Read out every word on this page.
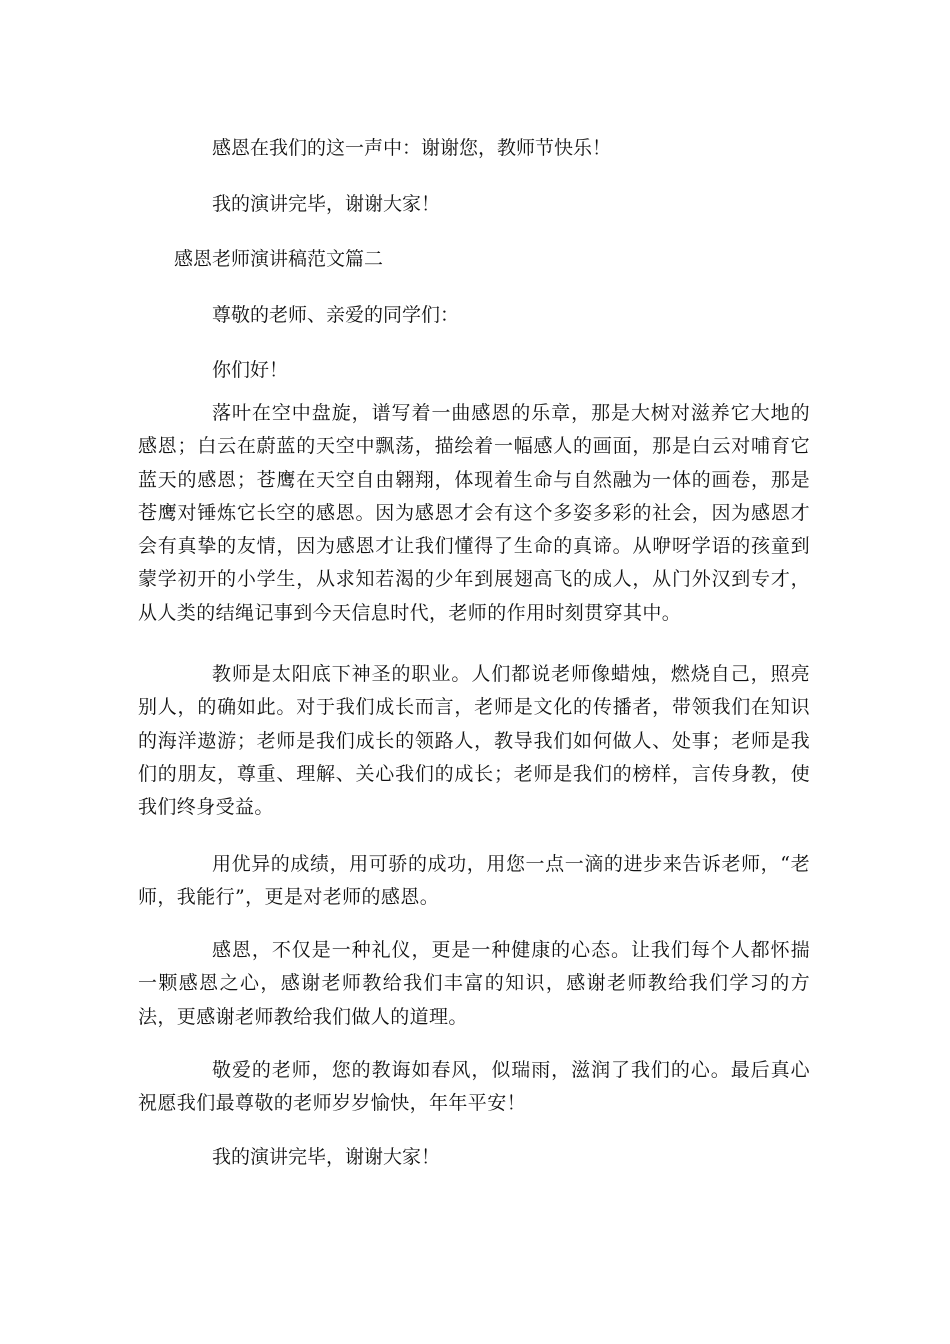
感恩在我们的这一声中：谢谢您，教师节快乐！
我的演讲完毕，谢谢大家！
感恩老师演讲稿范文篇二
尊敬的老师、亲爱的同学们：
你们好！
落叶在空中盘旋，谱写着一曲感恩的乐章，那是大树对滋养它大地的感恩；白云在蔚蓝的天空中飘荡，描绘着一幅感人的画面，那是白云对哺育它蓝天的感恩；苍鹰在天空自由翱翔，体现着生命与自然融为一体的画卷，那是苍鹰对锤炼它长空的感恩。因为感恩才会有这个多姿多彩的社会，因为感恩才会有真挚的友情，因为感恩才让我们懂得了生命的真谛。从咿呀学语的孩童到蒙学初开的小学生，从求知若渴的少年到展翅高飞的成人，从门外汉到专才，从人类的结绳记事到今天信息时代，老师的作用时刻贯穿其中。
教师是太阳底下神圣的职业。人们都说老师像蜡烛，燃烧自己，照亮别人，的确如此。对于我们成长而言，老师是文化的传播者，带领我们在知识的海洋遨游；老师是我们成长的领路人，教导我们如何做人、处事；老师是我们的朋友，尊重、理解、关心我们的成长；老师是我们的榜样，言传身教，使我们终身受益。
用优异的成绩，用可骄的成功，用您一点一滴的进步来告诉老师，“老师，我能行”，更是对老师的感恩。
感恩，不仅是一种礼仪，更是一种健康的心态。让我们每个人都怀揣一颗感恩之心，感谢老师教给我们丰富的知识，感谢老师教给我们学习的方法，更感谢老师教给我们做人的道理。
敬爱的老师，您的教诲如春风，似瑞雨，滋润了我们的心。最后真心祝愿我们最尊敬的老师岁岁愉快，年年平安！
我的演讲完毕，谢谢大家！
